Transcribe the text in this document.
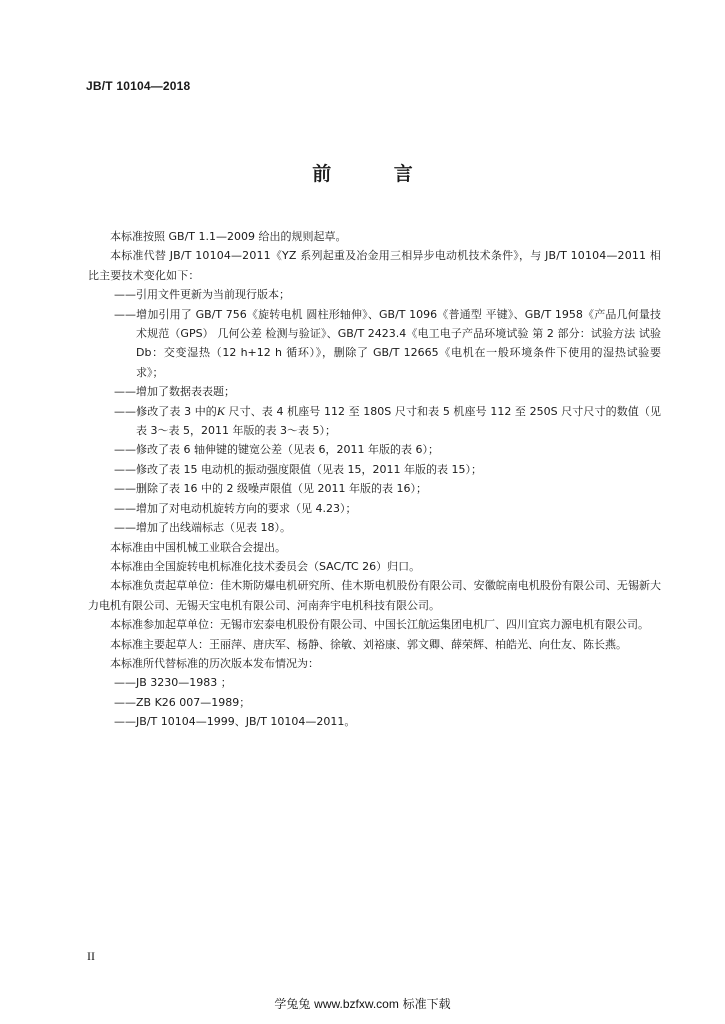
JB/T 10104—2018
前 言

本标准按照 GB/T 1.1—2009 给出的规则起草。

本标准代替 JB/T 10104—2011《YZ 系列起重及冶金用三相异步电动机技术条件》，与 JB/T 10104—2011 相比主要技术变化如下：

——引用文件更新为当前现行版本；

——增加引用了 GB/T 756《旋转电机 圆柱形轴伸》、GB/T 1096《普通型 平键》、GB/T 1958《产品几何量技术规范（GPS） 几何公差 检测与验证》、GB/T 2423.4《电工电子产品环境试验 第 2 部分：试验方法 试验 Db：交变湿热（12 h+12 h 循环）》，删除了 GB/T 12665《电机在一般环境条件下使用的湿热试验要求》；

——增加了数据表表题；

——修改了表 3 中的K 尺寸、表 4 机座号 112 至 180S 尺寸和表 5 机座号 112 至 250S 尺寸尺寸的数值（见表 3～表 5，2011 年版的表 3～表 5）；

——修改了表 6 轴伸键的键宽公差（见表 6，2011 年版的表 6）；

——修改了表 15 电动机的振动强度限值（见表 15，2011 年版的表 15）；

——删除了表 16 中的 2 级噪声限值（见 2011 年版的表 16）；

——增加了对电动机旋转方向的要求（见 4.23）；

——增加了出线端标志（见表 18）。

本标准由中国机械工业联合会提出。

本标准由全国旋转电机标准化技术委员会（SAC/TC 26）归口。

本标准负责起草单位：佳木斯防爆电机研究所、佳木斯电机股份有限公司、安徽皖南电机股份有限公司、无锡新大力电机有限公司、无锡天宝电机有限公司、河南奔宇电机科技有限公司。

本标准参加起草单位：无锡市宏泰电机股份有限公司、中国长江航运集团电机厂、四川宜宾力源电机有限公司。

本标准主要起草人：王丽萍、唐庆军、杨静、徐敏、刘裕康、郭文卿、薛荣辉、柏皓光、向仕友、陈长燕。

本标准所代替标准的历次版本发布情况为：

——JB 3230—1983 ；

——ZB K26 007—1989；

——JB/T 10104—1999、JB/T 10104—2011。

II
学兔兔 www.bzfxw.com 标准下载
